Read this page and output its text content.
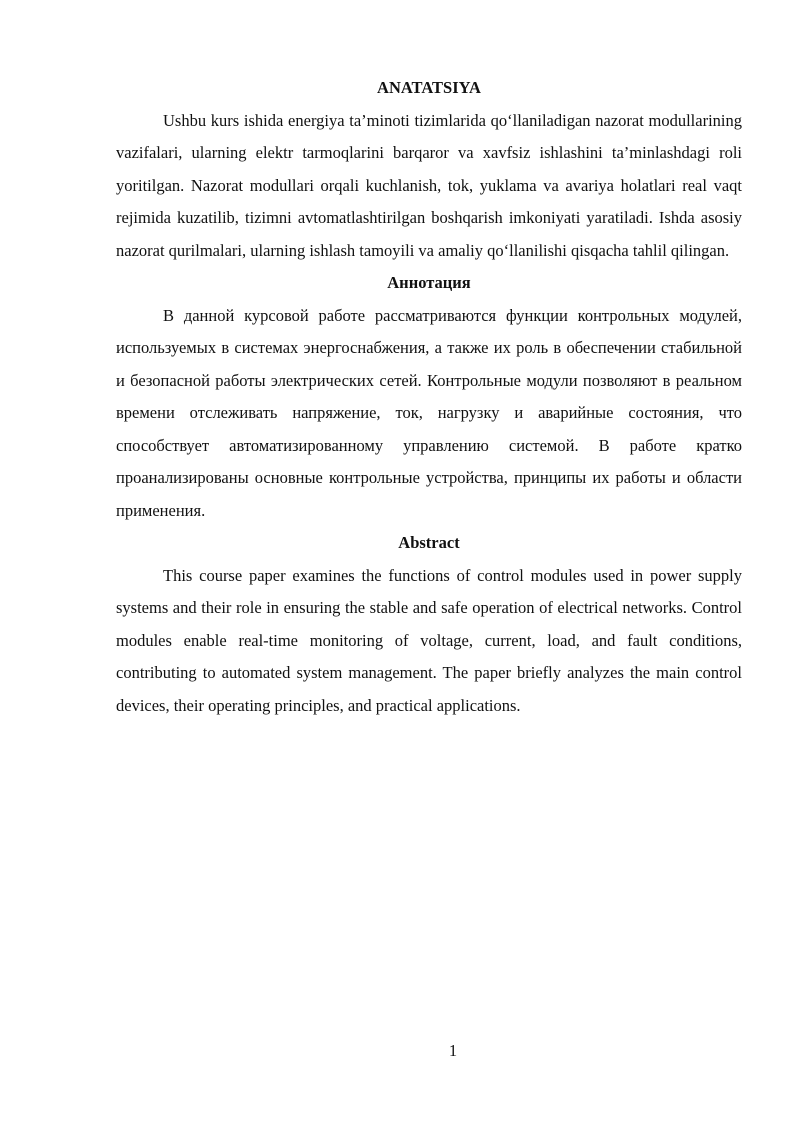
ANATATSIYA

Ushbu kurs ishida energiya ta’minoti tizimlarida qo‘llaniladigan nazorat modullarining vazifalari, ularning elektr tarmoqlarini barqaror va xavfsiz ishlashini ta’minlashdagi roli yoritilgan. Nazorat modullari orqali kuchlanish, tok, yuklama va avariya holatlari real vaqt rejimida kuzatilib, tizimni avtomatlashtirilgan boshqarish imkoniyati yaratiladi. Ishda asosiy nazorat qurilmalari, ularning ishlash tamoyili va amaliy qo‘llanilishi qisqacha tahlil qilingan.

Аннотация

В данной курсовой работе рассматриваются функции контрольных модулей, используемых в системах энергоснабжения, а также их роль в обеспечении стабильной и безопасной работы электрических сетей. Контрольные модули позволяют в реальном времени отслеживать напряжение, ток, нагрузку и аварийные состояния, что способствует автоматизированному управлению системой. В работе кратко проанализированы основные контрольные устройства, принципы их работы и области применения.

Abstract

This course paper examines the functions of control modules used in power supply systems and their role in ensuring the stable and safe operation of electrical networks. Control modules enable real-time monitoring of voltage, current, load, and fault conditions, contributing to automated system management. The paper briefly analyzes the main control devices, their operating principles, and practical applications.

1
